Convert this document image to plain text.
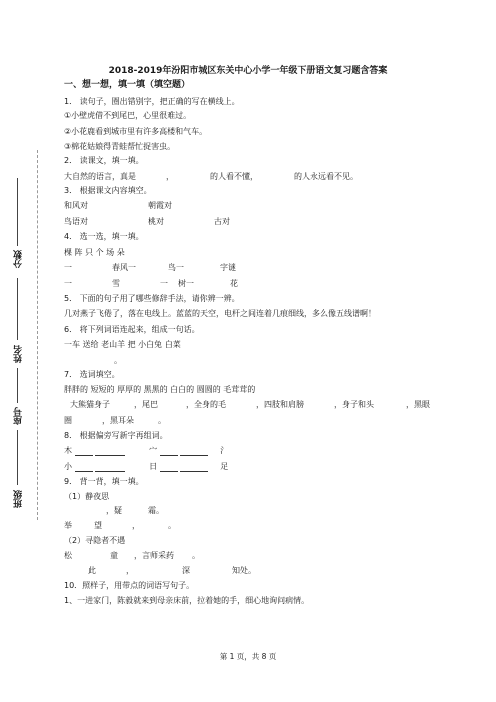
分数
姓名
座号
班级
2018-2019年汾阳市城区东关中心小学一年级下册语文复习题含答案
一、想一想，填一填（填空题）
1． 读句子，圈出错别字，把正确的写在横线上。
①小壁虎借不到尾巴，心里很难过。
②小花鹿看到城市里有许多高楼和气车。
③棉花姑娘得青蛙帮忙捉害虫。
2． 读课文，填一填。
大自然的语言，真是	，	的人看不懂，	的人永远看不见。
3． 根据课文内容填空。
和风对	朝霞对
鸟语对	桃对	古对
4． 选一选，填一填。
棵 阵 只 个 场 朵
一	春风一	鸟一	字谜
一	雪	一 树一	花
5． 下面的句子用了哪些修辞手法，请你辨一辨。
几对燕子飞倦了，落在电线上。蓝蓝的天空，电杆之间连着几痕细线，多么像五线谱啊！
6． 将下列词语连起来，组成一句话。
一车 送给 老山羊 把 小白兔 白菜
。
7． 选词填空。
胖胖的 短短的 厚厚的 黑黑的 白白的 圆圆的 毛茸茸的
大熊猫身子	，尾巴	，全身的毛	，四肢和肩膀	，身子和头	，黑眼
圈	，黑耳朵	。
8． 根据偏旁写新字再组词。
木	宀	氵
小	日	足
9． 背一背，填一填。
（1）静夜思
，疑	霜。
举	望	，	。
（2）寻隐者不遇
松	童 ，言师采药 。
此	，	深	知处。
10．照样子，用带点的词语写句子。
1、一进家门，陈毅就来到母亲床前，拉着她的手，细心地询问病情。
第 1 页，共 8 页
